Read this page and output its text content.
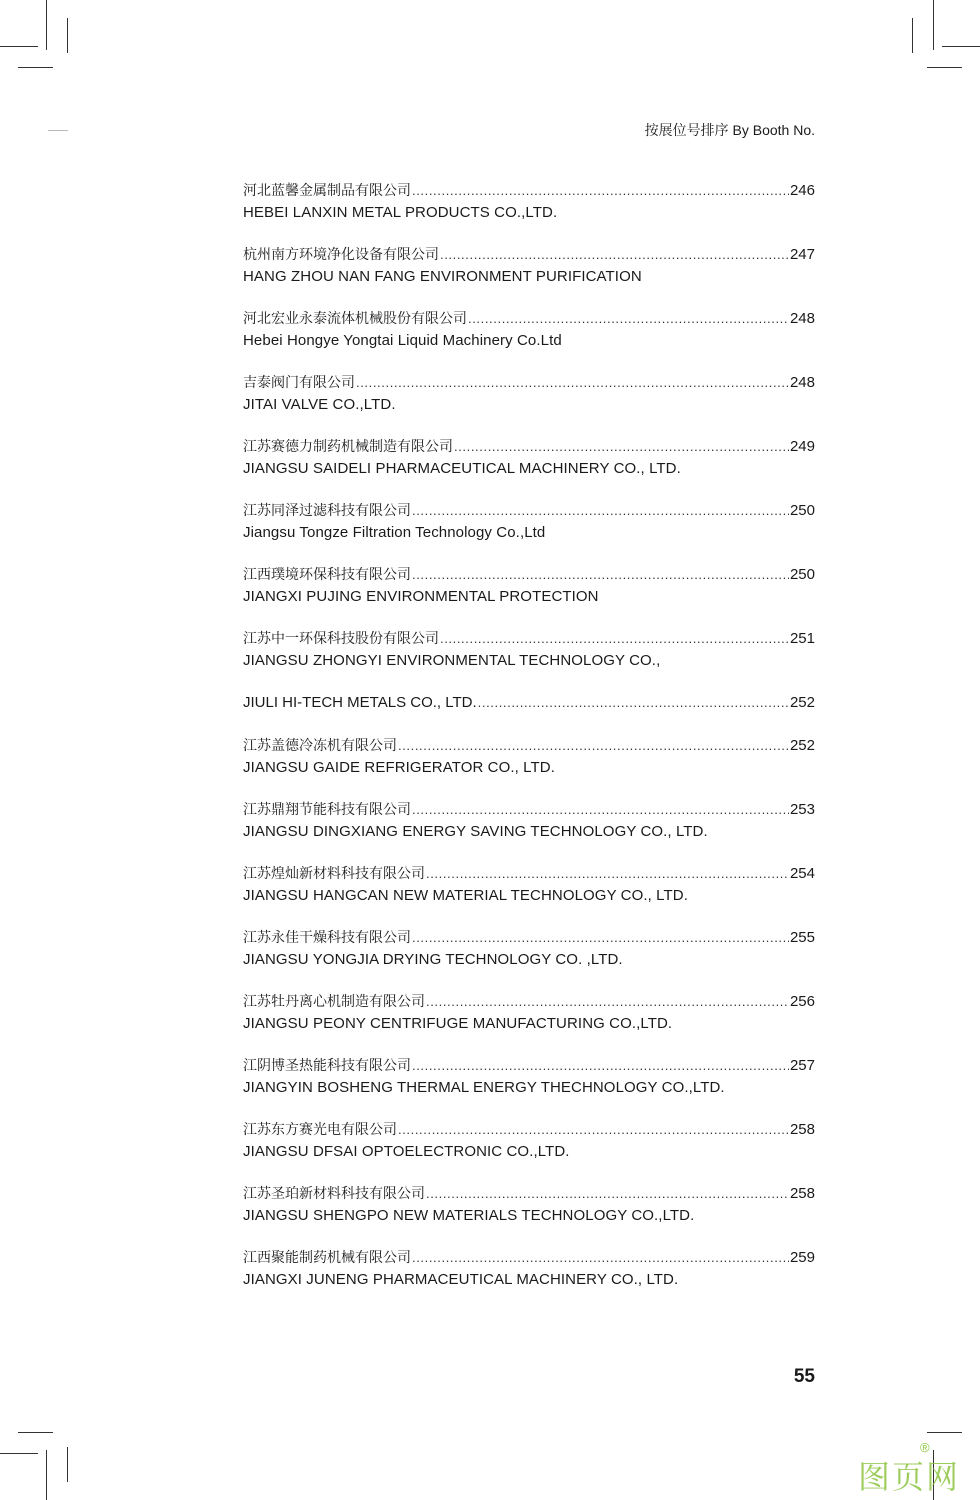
按展位号排序 By Booth No.
河北蓝馨金属制品有限公司 .....	246
HEBEI LANXIN METAL PRODUCTS CO.,LTD.
杭州南方环境净化设备有限公司 .....	247
HANG ZHOU NAN FANG ENVIRONMENT PURIFICATION
河北宏业永泰流体机械股份有限公司 .....	248
Hebei Hongye Yongtai Liquid Machinery Co.Ltd
吉泰阀门有限公司 .....	248
JITAI VALVE CO.,LTD.
江苏赛德力制药机械制造有限公司 .....	249
JIANGSU SAIDELI PHARMACEUTICAL MACHINERY CO., LTD.
江苏同泽过滤科技有限公司 .....	250
Jiangsu Tongze Filtration Technology Co.,Ltd
江西璞境环保科技有限公司 .....	250
JIANGXI PUJING ENVIRONMENTAL PROTECTION
江苏中一环保科技股份有限公司 .....	251
JIANGSU ZHONGYI ENVIRONMENTAL TECHNOLOGY CO.,
JIULI HI-TECH METALS CO., LTD. .....	252
江苏盖德冷冻机有限公司 .....	252
JIANGSU GAIDE REFRIGERATOR CO., LTD.
江苏鼎翔节能科技有限公司 .....	253
JIANGSU DINGXIANG ENERGY SAVING TECHNOLOGY CO., LTD.
江苏煌灿新材料科技有限公司 .....	254
JIANGSU HANGCAN NEW MATERIAL TECHNOLOGY CO., LTD.
江苏永佳干燥科技有限公司 .....	255
JIANGSU YONGJIA DRYING TECHNOLOGY CO. ,LTD.
江苏牡丹离心机制造有限公司 .....	256
JIANGSU PEONY CENTRIFUGE MANUFACTURING CO.,LTD.
江阴博圣热能科技有限公司 .....	257
JIANGYIN BOSHENG THERMAL ENERGY THECHNOLOGY CO.,LTD.
江苏东方赛光电有限公司 .....	258
JIANGSU DFSAI OPTOELECTRONIC CO.,LTD.
江苏圣珀新材料科技有限公司 .....	258
JIANGSU SHENGPO NEW MATERIALS TECHNOLOGY CO.,LTD.
江西聚能制药机械有限公司 .....	259
JIANGXI JUNENG PHARMACEUTICAL MACHINERY CO., LTD.
55
图页网
®
